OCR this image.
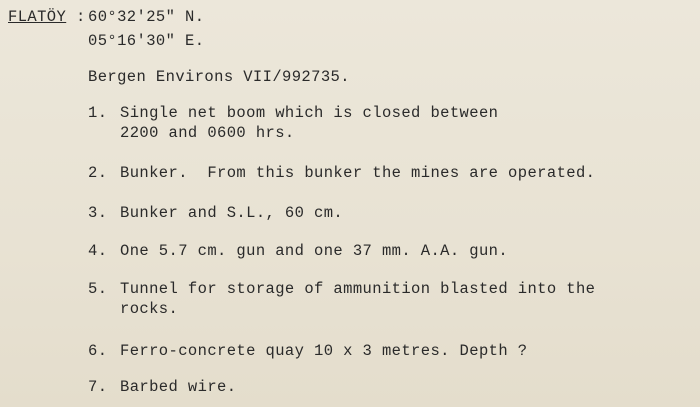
FLATÖY : 60°32'25" N.
05°16'30" E.
Bergen Environs VII/992735.
1. Single net boom which is closed between
2200 and 0600 hrs.
2. Bunker.  From this bunker the mines are operated.
3. Bunker and S.L., 60 cm.
4. One 5.7 cm. gun and one 37 mm. A.A. gun.
5. Tunnel for storage of ammunition blasted into the
rocks.
6. Ferro-concrete quay 10 x 3 metres. Depth ?
7. Barbed wire.
